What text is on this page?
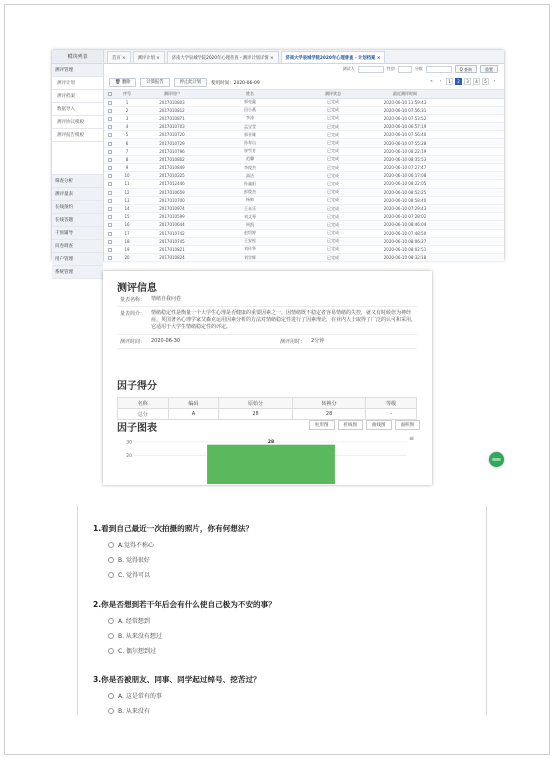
模块列表
测评管理
测评计划
测评档案
数据导入
测评协议模板
测评报告模板
筛查分析
测评量表
在线预约
在线答题
干预辅导
问卷调查
用户管理
系统管理
首页 ×	测评计划 ×	济南大学泉城学院2020年心理普查 - 测评计划详情 ×	济南大学泉城学院2020年心理普查 - 计划档案 ×
测试人	性别	分数	Q 查询	重置
🗑 删除	计算报告	停止此计划	使用时间：2020-06-09	«	‹	1	2	3	4	5	›
	序号	测评用户	姓名	测评状态	最近测评时间	
	1	2017010803	郭亮鑫	已完成	2020-06-10 11:59:43	
	2	2017010812	田小燕	已完成	2020-06-10 07:56:31	
	3	2017010871	李涛	已完成	2020-06-10 07:53:52	
	4	2017010703	孟宝莹	已完成	2020-06-10 06:57:19	
	5	2017010720	郭亚雄	已完成	2020-06-10 07:56:40	
	6	2017010729	孙寿山	已完成	2020-06-10 07:55:28	
	7	2017010796	崔雪芳	已完成	2020-06-10 08:22:19	
	8	2017010802	范馨	已完成	2020-06-10 08:35:53	
	9	2017010849	李俊杰	已完成	2020-06-10 07:27:47	
	10	2017010325	高洁	已完成	2020-06-10 06:17:08	
	11	2017012446	孙鑫阳	已完成	2020-06-10 08:22:05	
	12	2017010659	彭俊杰	已完成	2020-06-10 08:52:25	
	13	2017010700	杨帅	已完成	2020-06-10 08:58:40	
	14	2017010974	王未乐	已完成	2020-06-10 07:29:43	
	15	2017010599	刘文琴	已完成	2020-06-10 07:28:02	
	16	2017010644	周凯	已完成	2020-06-10 08:46:04	
	17	2017010742	赵绍婷	已完成	2020-06-10 07:48:50	
	18	2017010745	王安松	已完成	2020-06-10 08:06:27	
	19	2017010821	刘传华	已完成	2020-06-10 08:02:51	
	20	2017010824	刘学辉	已完成	2020-06-10 08:32:18	
测评信息
量表名称：	情绪自我问卷
量表简介：	情绪稳定性是衡量一个大学生心理是否健康的重要因素之一。因情绪既不稳定者容易情绪的失控，就又有时候倍为神经症。英国著名心理学家艾森克运用因素分析的方法对情绪稳定性进行了因素理论，在业内人士取得了广泛的认可和采用，它适用于大学生情绪稳定性的评定。
测评时间：	2020-06-30	测评用时：	2分钟
因子得分
名称	编码	原始分	转换分	等级
总分	A	28	28	-
因子图表	柱形图	折线图	曲线图	面积图
30
20
≡
28
1.看到自己最近一次拍摄的照片，你有何想法？
A.觉得不称心
B. 觉得很好
C. 觉得可以
2.你是否想到若干年后会有什么使自己极为不安的事？
A. 经常想到
B. 从来没有想过
C. 偶尔想到过
3.你是否被朋友、同事、同学起过绰号、挖苦过？
A. 这是常有的事
B. 从来没有
